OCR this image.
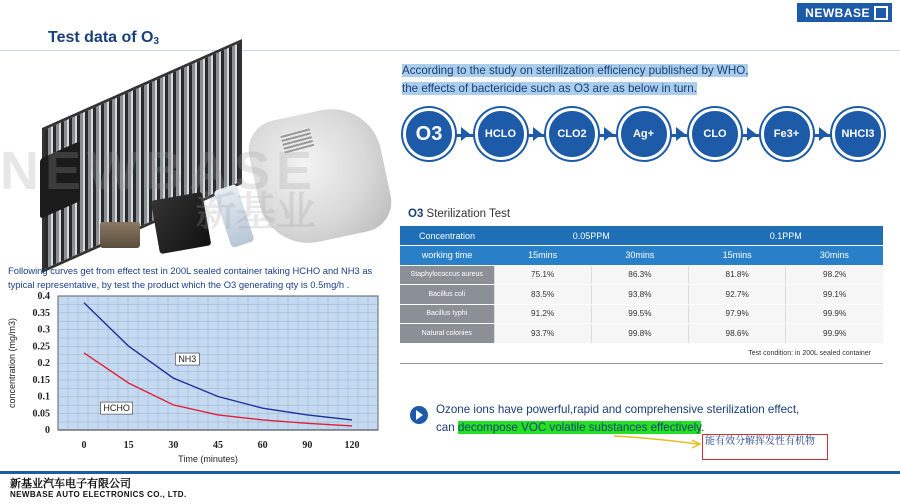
NEWBASE
Test data of $O_3$
NEWBASE
新基业
Following curves get from effect test in 200L sealed container taking HCHO and NH3 as typical representative, by test the product which the O3 generating qty is 0.5mg/h .
0
0.05
0.1
0.15
0.2
0.25
0.3
0.35
0.4
0	15	30	45	60	90	120
Time (minutes)
concentration (mg/m3)	NH3
HCHO
According to the study on sterilization efficiency published by WHO,
the effects of bactericide such as O3 are as below in turn.
O3	HCLO	CLO2	Ag+	CLO	Fe3+	NHCl3
O3 Sterilization Test
Concentration	0.05PPM		0.1PPM	
working time	15mins	30mins	15mins	30mins
Staphylococcus aureus	75.1%	86.3%	81.8%	98.2%
Bacillus coli	83.5%	93.8%	92.7%	99.1%
Bacillus typhi	91.2%	99.5%	97.9%	99.9%
Natural colonies	93.7%	99.8%	98.6%	99.9%
Test condition: in 200L sealed container
Ozone ions have powerful,rapid and comprehensive sterilization effect,
can decompose VOC volatile substances effectively.
能有效分解挥发性有机物
新基业汽车电子有限公司
NEWBASE AUTO ELECTRONICS CO., LTD.
